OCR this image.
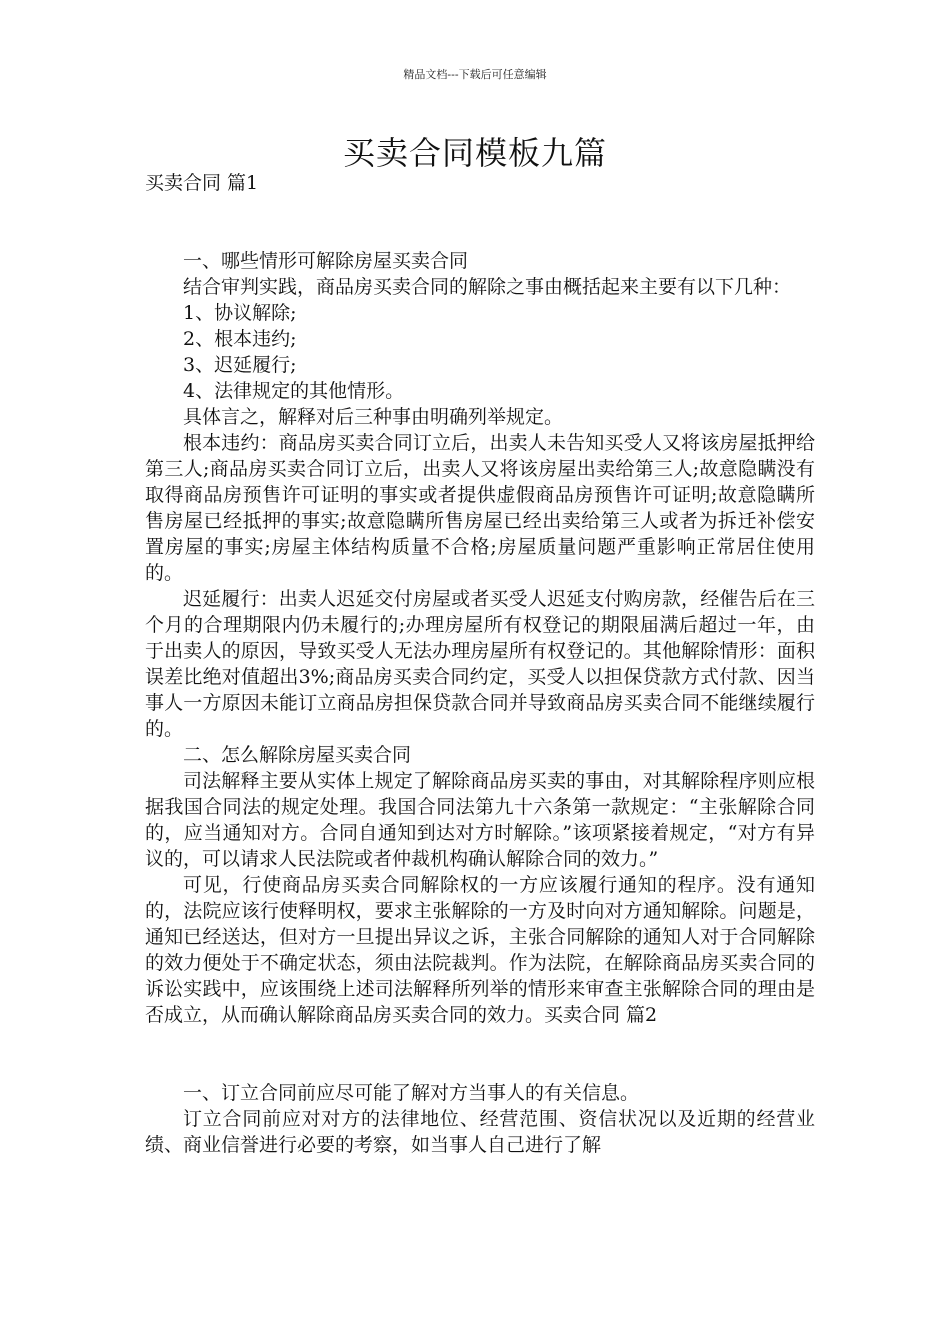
精品文档---下载后可任意编辑
买卖合同模板九篇

买卖合同 篇1

一、哪些情形可解除房屋买卖合同

结合审判实践，商品房买卖合同的解除之事由概括起来主要有以下几种：

1、协议解除;

2、根本违约;

3、迟延履行;

4、法律规定的其他情形。

具体言之，解释对后三种事由明确列举规定。

根本违约：商品房买卖合同订立后，出卖人未告知买受人又将该房屋抵押给第三人;商品房买卖合同订立后，出卖人又将该房屋出卖给第三人;故意隐瞒没有取得商品房预售许可证明的事实或者提供虚假商品房预售许可证明;故意隐瞒所售房屋已经抵押的事实;故意隐瞒所售房屋已经出卖给第三人或者为拆迁补偿安置房屋的事实;房屋主体结构质量不合格;房屋质量问题严重影响正常居住使用的。

迟延履行：出卖人迟延交付房屋或者买受人迟延支付购房款，经催告后在三个月的合理期限内仍未履行的;办理房屋所有权登记的期限届满后超过一年，由于出卖人的原因，导致买受人无法办理房屋所有权登记的。其他解除情形：面积误差比绝对值超出3%;商品房买卖合同约定，买受人以担保贷款方式付款、因当事人一方原因未能订立商品房担保贷款合同并导致商品房买卖合同不能继续履行的。

二、怎么解除房屋买卖合同

司法解释主要从实体上规定了解除商品房买卖的事由，对其解除程序则应根据我国合同法的规定处理。我国合同法第九十六条第一款规定：“主张解除合同的，应当通知对方。合同自通知到达对方时解除。”该项紧接着规定，“对方有异议的，可以请求人民法院或者仲裁机构确认解除合同的效力。”

可见，行使商品房买卖合同解除权的一方应该履行通知的程序。没有通知的，法院应该行使释明权，要求主张解除的一方及时向对方通知解除。问题是，通知已经送达，但对方一旦提出异议之诉，主张合同解除的通知人对于合同解除的效力便处于不确定状态，须由法院裁判。作为法院，在解除商品房买卖合同的诉讼实践中，应该围绕上述司法解释所列举的情形来审查主张解除合同的理由是否成立，从而确认解除商品房买卖合同的效力。买卖合同 篇2

一、订立合同前应尽可能了解对方当事人的有关信息。

订立合同前应对对方的法律地位、经营范围、资信状况以及近期的经营业绩、商业信誉进行必要的考察，如当事人自己进行了解
